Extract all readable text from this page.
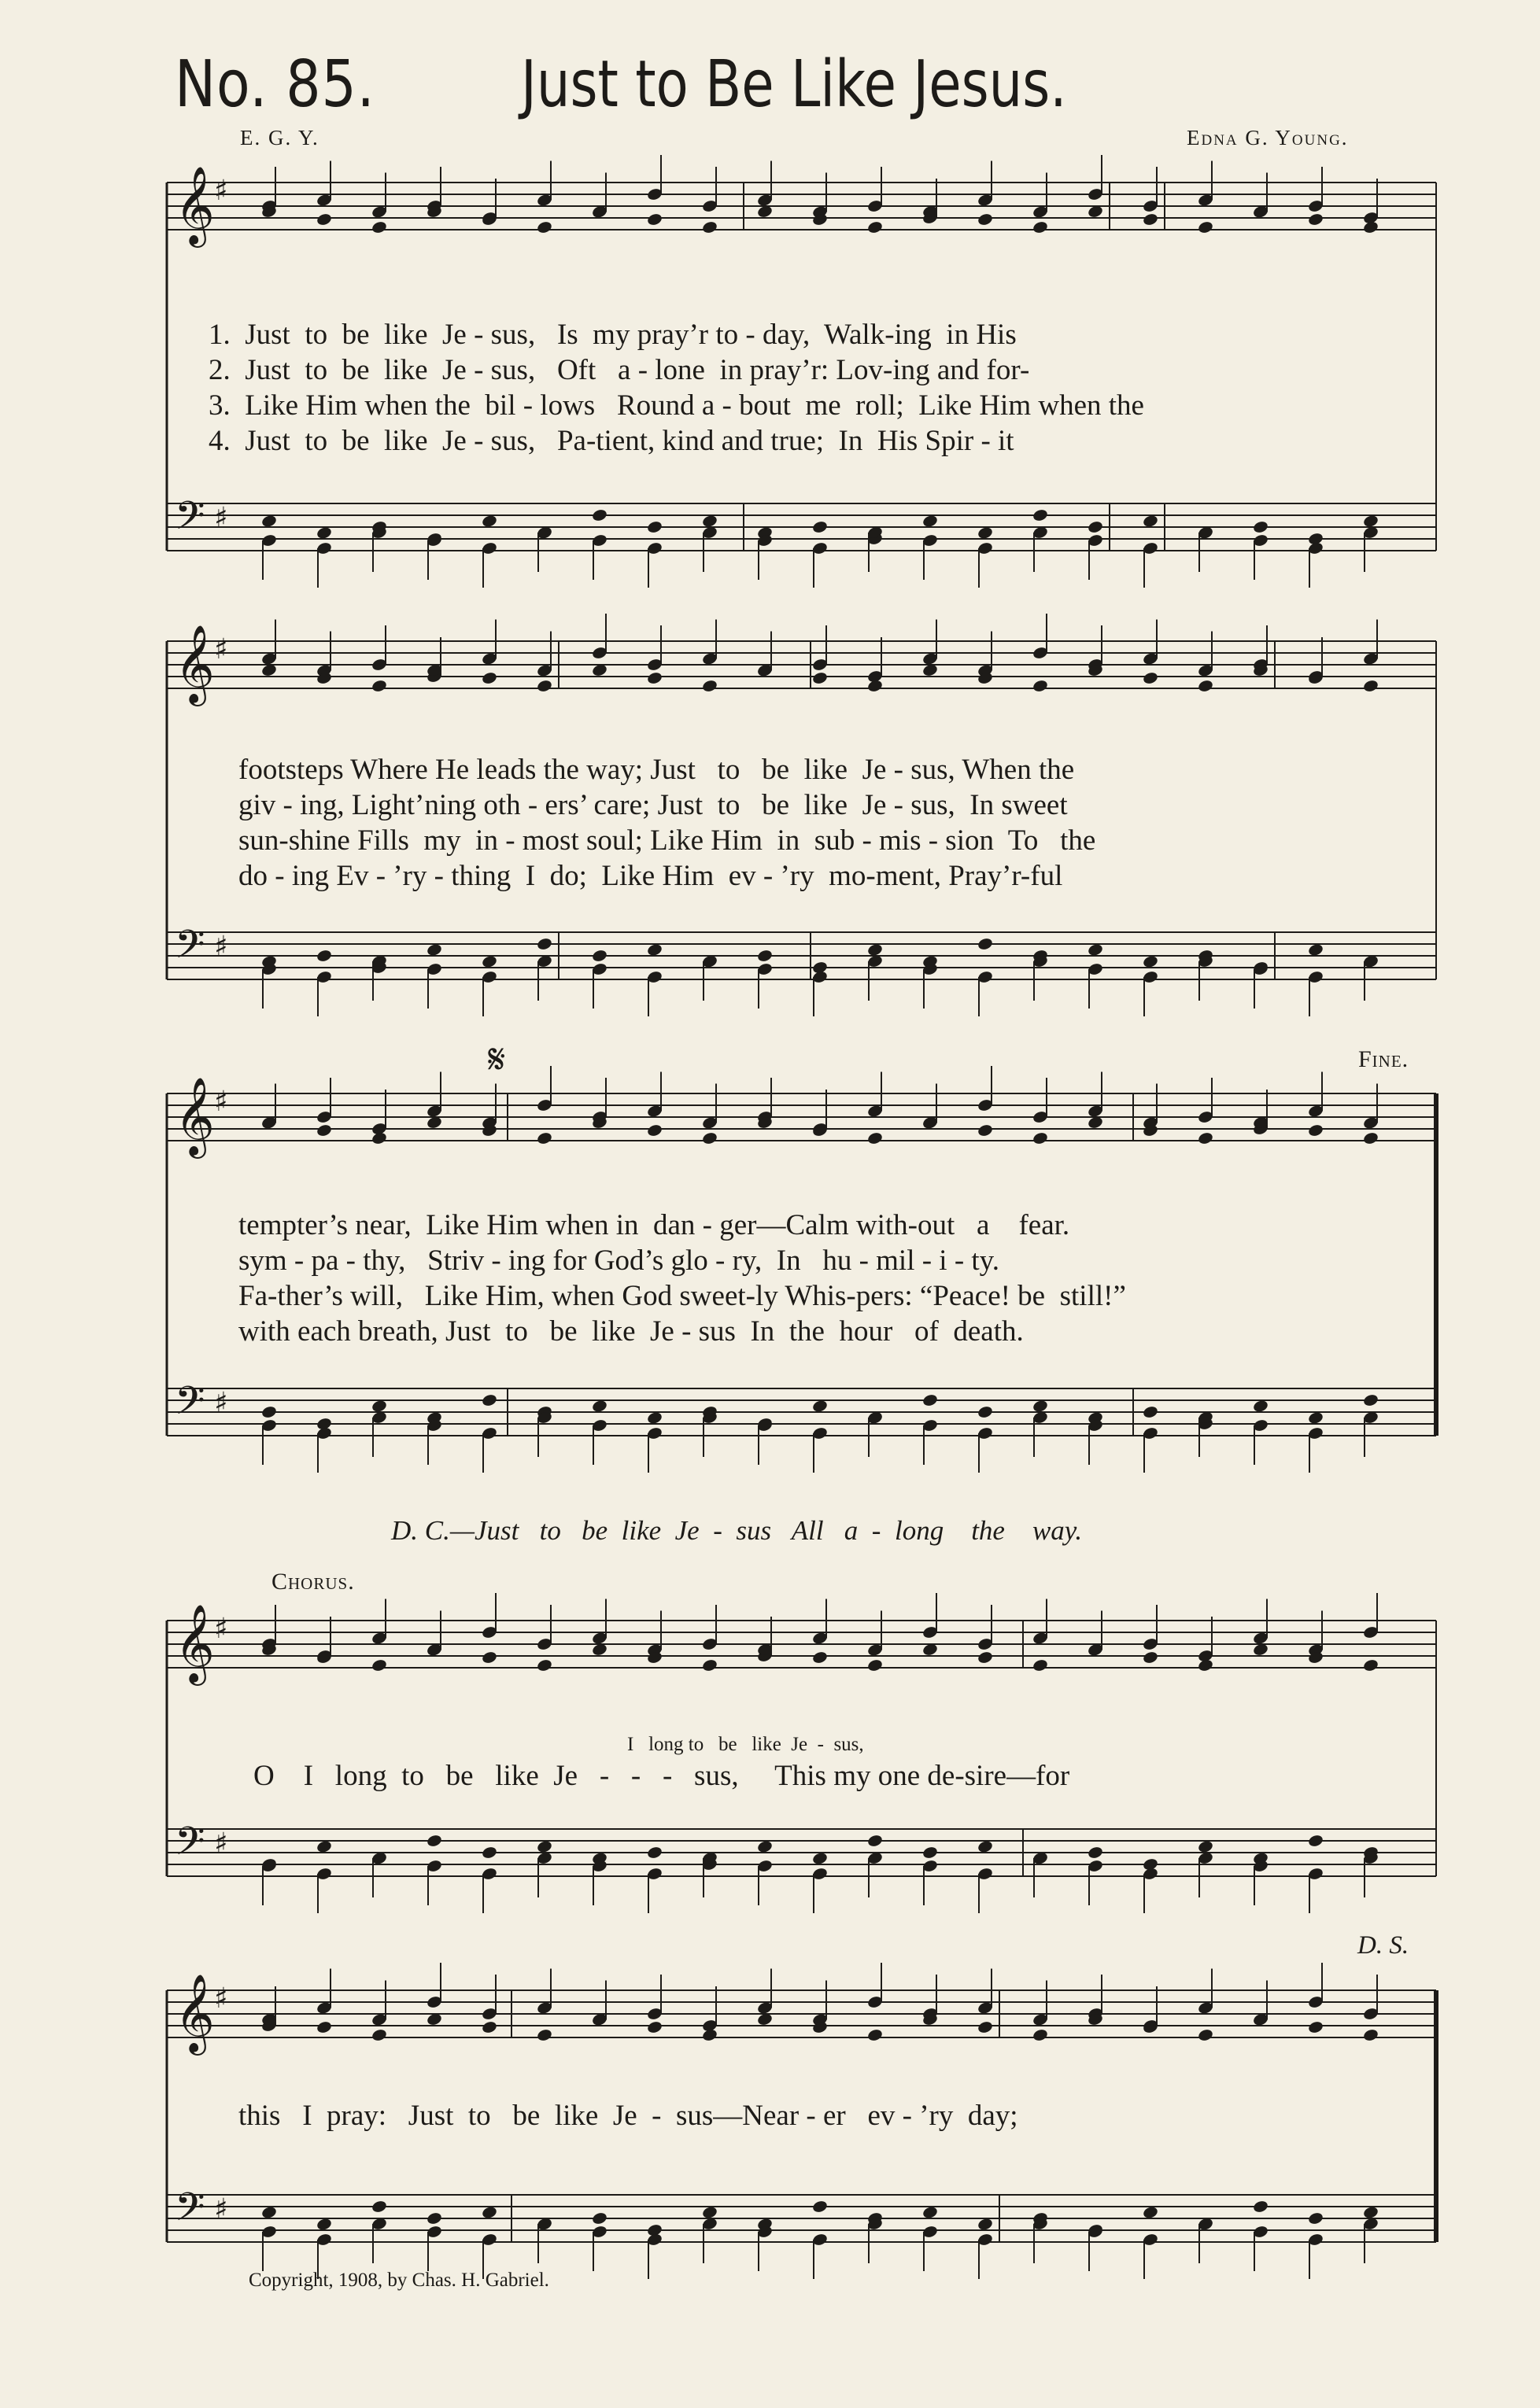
No. 85. Just to Be Like Jesus.
E. G. Y.	Edna G. Young.
𝄞 ♯
𝄢 ♯
𝄞 ♯
𝄢 ♯
𝄞 ♯
𝄢 ♯
𝄞 ♯
𝄢 ♯
𝄞 ♯
𝄢 ♯
1.  Just  to  be  like  Je - sus,   Is  my pray’r to - day,  Walk-ing  in His
2.  Just  to  be  like  Je - sus,   Oft   a - lone  in pray’r: Lov-ing and for-
3.  Like Him when the  bil - lows   Round a - bout  me  roll;  Like Him when the
4.  Just  to  be  like  Je - sus,   Pa-tient, kind and true;  In  His Spir - it
footsteps Where He leads the way; Just   to   be  like  Je - sus, When the
giv - ing, Light’ning oth - ers’ care; Just  to   be  like  Je - sus,  In sweet
sun-shine Fills  my  in - most soul; Like Him  in  sub - mis - sion  To   the
do - ing Ev - ’ry - thing  I  do;  Like Him  ev - ’ry  mo-ment, Pray’r-ful
𝄋	Fine.
tempter’s near,  Like Him when in  dan - ger—Calm with-out   a    fear.
sym - pa - thy,   Striv - ing for God’s glo - ry,  In   hu - mil - i - ty.
Fa-ther’s will,   Like Him, when God sweet-ly Whis-pers: “Peace! be  still!”
with each breath, Just  to   be  like  Je - sus  In  the  hour   of  death.
D. C.—Just   to   be  like  Je  -  sus   All   a  -  long    the    way.
Chorus.
I   long to   be   like  Je  -  sus,
O    I   long  to   be   like  Je   -   -   -   sus,     This my one de-sire—for
D. S.
this   I  pray:   Just  to   be  like  Je  -  sus—Near - er   ev - ’ry  day;
Copyright, 1908, by Chas. H. Gabriel.
